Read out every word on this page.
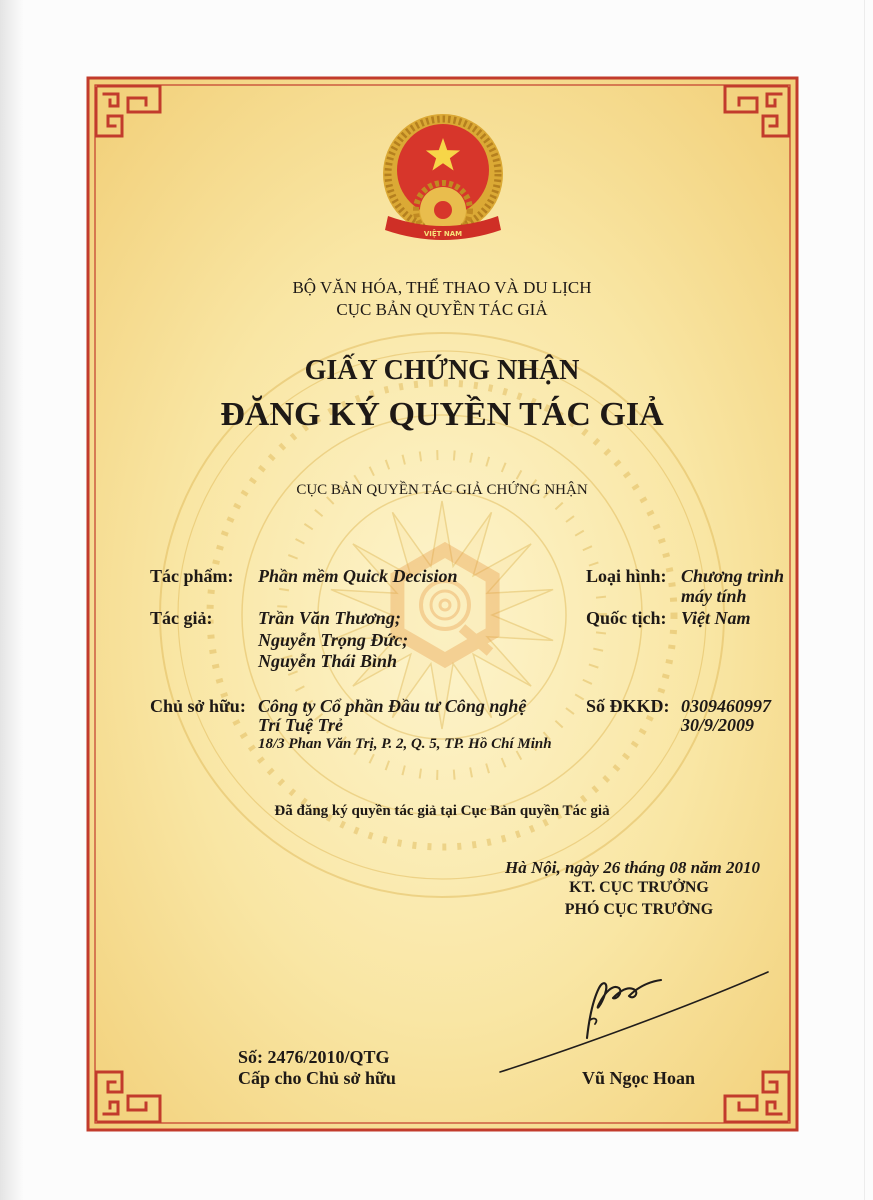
VIỆT NAM
BỘ VĂN HÓA, THỂ THAO VÀ DU LỊCH
CỤC BẢN QUYỀN TÁC GIẢ
GIẤY CHỨNG NHẬN
ĐĂNG KÝ QUYỀN TÁC GIẢ
CỤC BẢN QUYỀN TÁC GIẢ CHỨNG NHẬN
Tác phẩm: Phần mềm Quick Decision	Loại hình: Chương trình
máy tính
Tác giả:	Trần Văn Thương;
Nguyễn Trọng Đức;
Nguyễn Thái Bình
Quốc tịch: Việt Nam
Chủ sở hữu: Công ty Cổ phần Đầu tư Công nghệ
Trí Tuệ Trẻ
18/3 Phan Văn Trị, P. 2, Q. 5, TP. Hồ Chí Minh
Số ĐKKD: 0309460997
30/9/2009
Đã đăng ký quyền tác giả tại Cục Bản quyền Tác giả
Hà Nội, ngày 26 tháng 08 năm 2010
KT. CỤC TRƯỞNG
PHÓ CỤC TRƯỞNG
Vũ Ngọc Hoan
Số: 2476/2010/QTG
Cấp cho Chủ sở hữu
